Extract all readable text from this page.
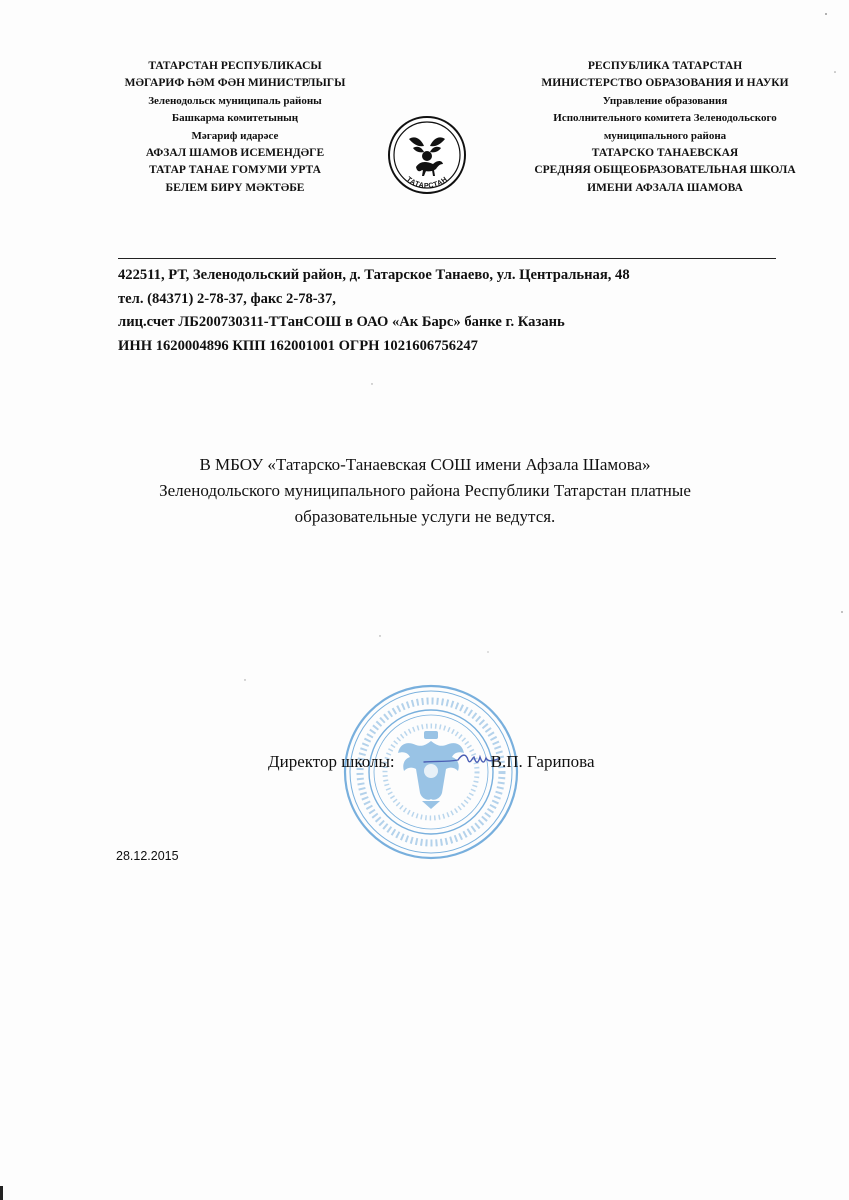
ТАТАРСТАН РЕСПУБЛИКАСЫ
МӘГАРИФ ҺӘМ ФӘН МИНИСТРЛЫГЫ
Зеленодольск муниципаль районы
Башкарма комитетының
Мәгариф идарәсе
АФЗАЛ ШАМОВ ИСЕМЕНДӘГЕ
ТАТАР ТАНАЕ ГОМУМИ УРТА
БЕЛЕМ БИРҮ МӘКТӘБЕ
ТАТАРСТАН
РЕСПУБЛИКА ТАТАРСТАН
МИНИСТЕРСТВО ОБРАЗОВАНИЯ И НАУКИ
Управление образования
Исполнительного комитета Зеленодольского
муниципального района
ТАТАРСКО ТАНАЕВСКАЯ
СРЕДНЯЯ ОБЩЕОБРАЗОВАТЕЛЬНАЯ ШКОЛА
ИМЕНИ АФЗАЛА ШАМОВА
422511, РТ, Зеленодольский район, д. Татарское Танаево, ул. Центральная, 48
тел. (84371) 2-78-37, факс 2-78-37,
лиц.счет ЛБ200730311-ТТанСОШ в ОАО «Ак Барс» банке г. Казань
ИНН 1620004896 КПП 162001001 ОГРН 1021606756247
В МБОУ «Татарско-Танаевская СОШ имени Афзала Шамова»
Зеленодольского муниципального района Республики Татарстан платные
образовательные услуги не ведутся.
Директор школы:	В.П. Гарипова
28.12.2015
